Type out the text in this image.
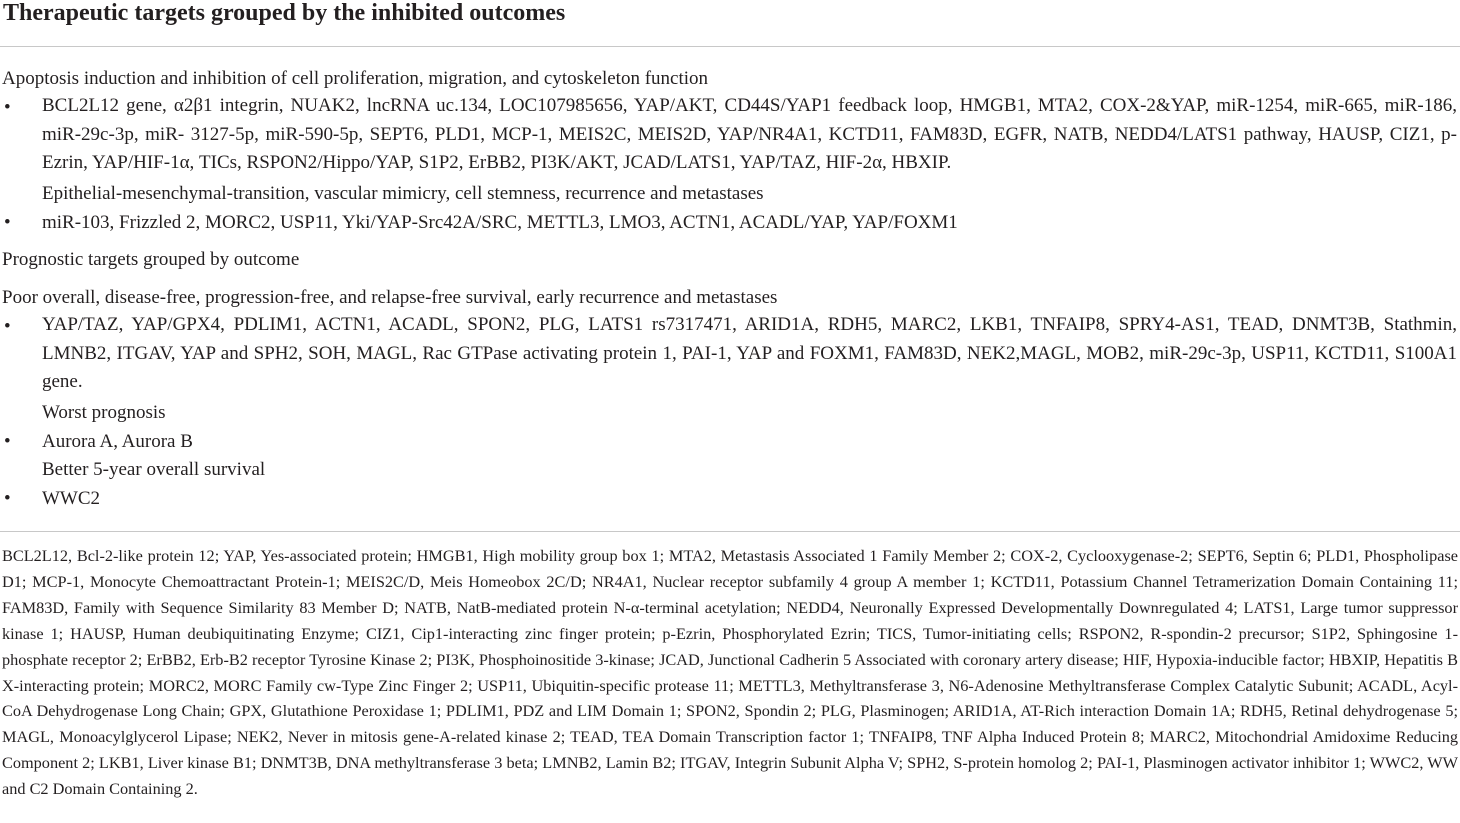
Therapeutic targets grouped by the inhibited outcomes
Apoptosis induction and inhibition of cell proliferation, migration, and cytoskeleton function
• BCL2L12 gene, α2β1 integrin, NUAK2, lncRNA uc.134, LOC107985656, YAP/AKT, CD44S/YAP1 feedback loop, HMGB1, MTA2, COX-2&YAP, miR-1254, miR-665, miR-186, miR-29c-3p, miR- 3127-5p, miR-590-5p, SEPT6, PLD1, MCP-1, MEIS2C, MEIS2D, YAP/NR4A1, KCTD11, FAM83D, EGFR, NATB, NEDD4/LATS1 pathway, HAUSP, CIZ1, p-Ezrin, YAP/HIF-1α, TICs, RSPON2/Hippo/YAP, S1P2, ErBB2, PI3K/AKT, JCAD/LATS1, YAP/TAZ, HIF-2α, HBXIP.
Epithelial-mesenchymal-transition, vascular mimicry, cell stemness, recurrence and metastases
• miR-103, Frizzled 2, MORC2, USP11, Yki/YAP-Src42A/SRC, METTL3, LMO3, ACTN1, ACADL/YAP, YAP/FOXM1
Prognostic targets grouped by outcome
Poor overall, disease-free, progression-free, and relapse-free survival, early recurrence and metastases
• YAP/TAZ, YAP/GPX4, PDLIM1, ACTN1, ACADL, SPON2, PLG, LATS1 rs7317471, ARID1A, RDH5, MARC2, LKB1, TNFAIP8, SPRY4-AS1, TEAD, DNMT3B, Stathmin, LMNB2, ITGAV, YAP and SPH2, SOH, MAGL, Rac GTPase activating protein 1, PAI-1, YAP and FOXM1, FAM83D, NEK2,MAGL, MOB2, miR-29c-3p, USP11, KCTD11, S100A1 gene.
Worst prognosis
• Aurora A, Aurora B
Better 5-year overall survival
• WWC2
BCL2L12, Bcl-2-like protein 12; YAP, Yes-associated protein; HMGB1, High mobility group box 1; MTA2, Metastasis Associated 1 Family Member 2; COX-2, Cyclooxygenase-2; SEPT6, Septin 6; PLD1, Phospholipase D1; MCP-1, Monocyte Chemoattractant Protein-1; MEIS2C/D, Meis Homeobox 2C/D; NR4A1, Nuclear receptor subfamily 4 group A member 1; KCTD11, Potassium Channel Tetramerization Domain Containing 11; FAM83D, Family with Sequence Similarity 83 Member D; NATB, NatB-mediated protein N-α-terminal acetylation; NEDD4, Neuronally Expressed Developmentally Downregulated 4; LATS1, Large tumor suppressor kinase 1; HAUSP, Human deubiquitinating Enzyme; CIZ1, Cip1-interacting zinc finger protein; p-Ezrin, Phosphorylated Ezrin; TICS, Tumor-initiating cells; RSPON2, R-spondin-2 precursor; S1P2, Sphingosine 1-phosphate receptor 2; ErBB2, Erb-B2 receptor Tyrosine Kinase 2; PI3K, Phosphoinositide 3-kinase; JCAD, Junctional Cadherin 5 Associated with coronary artery disease; HIF, Hypoxia-inducible factor; HBXIP, Hepatitis B X-interacting protein; MORC2, MORC Family cw-Type Zinc Finger 2; USP11, Ubiquitin-specific protease 11; METTL3, Methyltransferase 3, N6-Adenosine Methyltransferase Complex Catalytic Subunit; ACADL, Acyl-CoA Dehydrogenase Long Chain; GPX, Glutathione Peroxidase 1; PDLIM1, PDZ and LIM Domain 1; SPON2, Spondin 2; PLG, Plasminogen; ARID1A, AT-Rich interaction Domain 1A; RDH5, Retinal dehydrogenase 5; MAGL, Monoacylglycerol Lipase; NEK2, Never in mitosis gene-A-related kinase 2; TEAD, TEA Domain Transcription factor 1; TNFAIP8, TNF Alpha Induced Protein 8; MARC2, Mitochondrial Amidoxime Reducing Component 2; LKB1, Liver kinase B1; DNMT3B, DNA methyltransferase 3 beta; LMNB2, Lamin B2; ITGAV, Integrin Subunit Alpha V; SPH2, S-protein homolog 2; PAI-1, Plasminogen activator inhibitor 1; WWC2, WW and C2 Domain Containing 2.
